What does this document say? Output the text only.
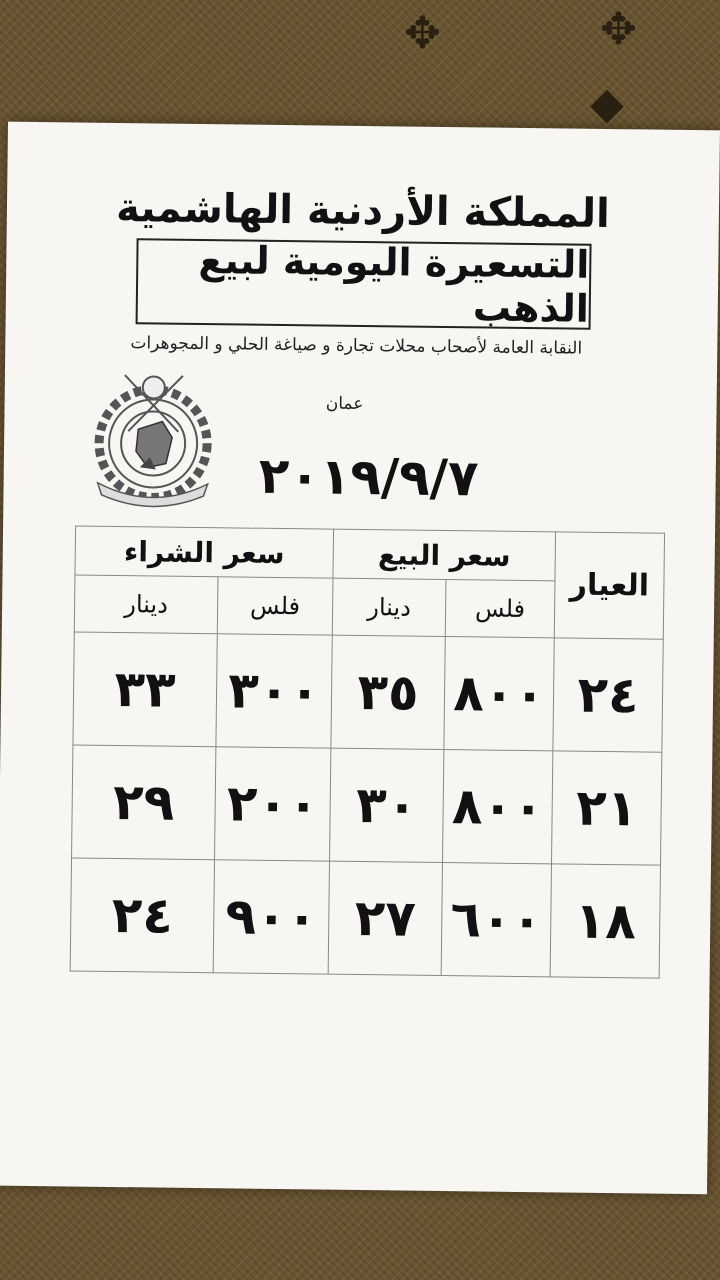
✥	✥
◆
المملكة الأردنية الهاشمية
التسعيرة اليومية لبيع الذهب
النقابة العامة لأصحاب محلات تجارة و صياغة الحلي و المجوهرات
عمان
٢٠١٩/٩/٧
العيار	سعر البيع		سعر الشراء	
	فلس	دينار	فلس	دينار
٢٤	٨٠٠	٣٥	٣٠٠	٣٣
٢١	٨٠٠	٣٠	٢٠٠	٢٩
١٨	٦٠٠	٢٧	٩٠٠	٢٤
